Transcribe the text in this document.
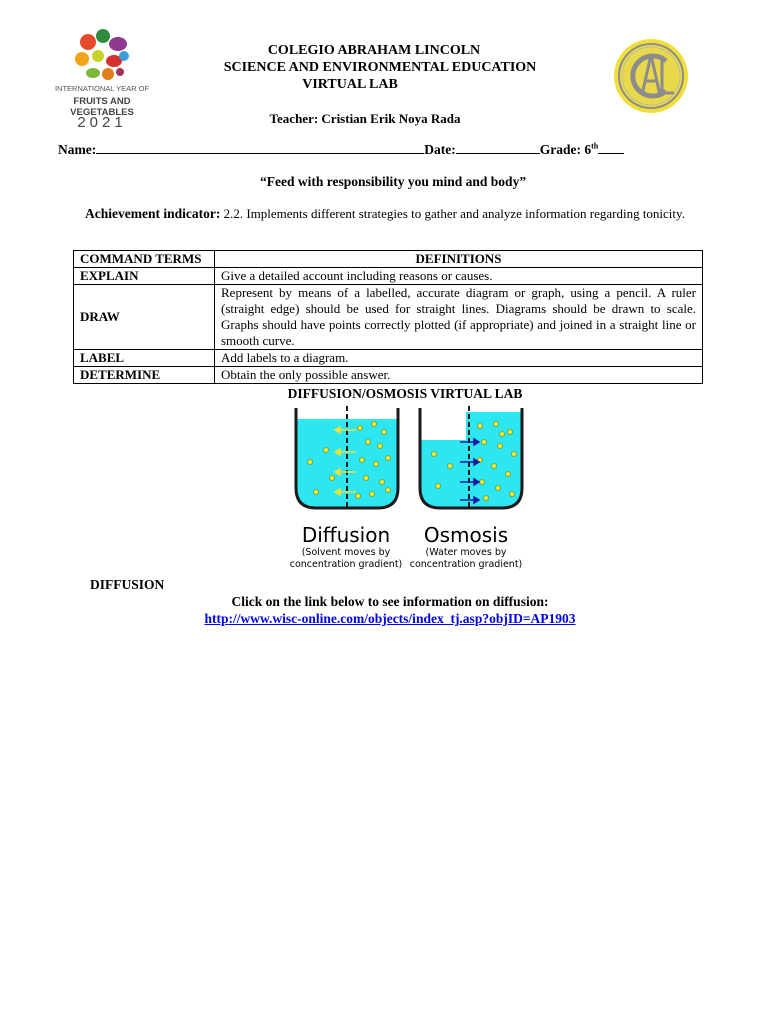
INTERNATIONAL YEAR OF
FRUITS AND VEGETABLES
2021
COLEGIO ABRAHAM LINCOLN
SCIENCE AND ENVIRONMENTAL EDUCATION
VIRTUAL LAB
Teacher: Cristian Erik Noya Rada
Name:	Date:	Grade: 6th
“Feed with responsibility you mind and body”
Achievement indicator: 2.2. Implements different strategies to gather and analyze information regarding tonicity.
COMMAND TERMS	DEFINITIONS
EXPLAIN	Give a detailed account including reasons or causes.
DRAW	Represent by means of a labelled, accurate diagram or graph, using a pencil. A ruler (straight edge) should be used for straight lines. Diagrams should be drawn to scale. Graphs should have points correctly plotted (if appropriate) and joined in a straight line or smooth curve.
LABEL	Add labels to a diagram.
DETERMINE	Obtain the only possible answer.
DIFFUSION/OSMOSIS VIRTUAL LAB
Diffusion
(Solvent moves by
concentration gradient)
Osmosis
(Water moves by
concentration gradient)
DIFFUSION
Click on the link below to see information on diffusion:
http://www.wisc-online.com/objects/index_tj.asp?objID=AP1903
